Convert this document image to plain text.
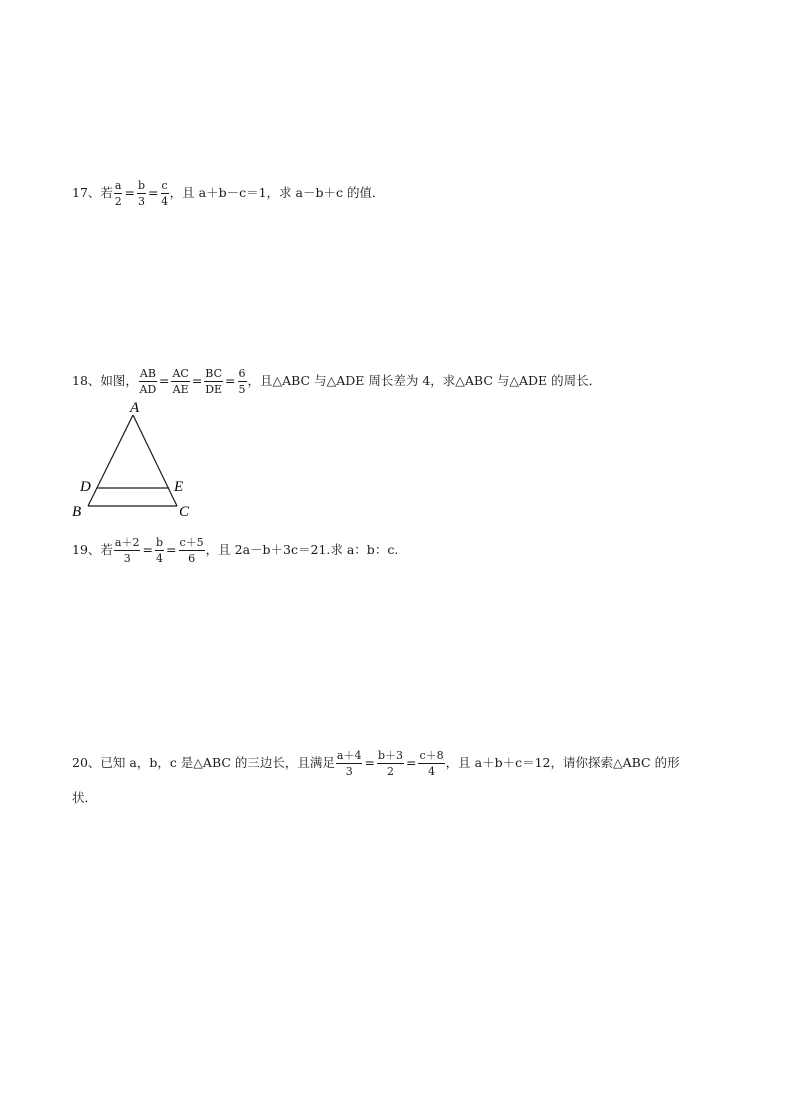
17、 若 $\frac{a}{2} = \frac{b}{3} = \frac{c}{4}$ ，且 a＋b－c＝1，求 a－b＋c 的值．
18、 如图， $\frac{AB}{AD} = \frac{AC}{AE} = \frac{BC}{DE} = \frac{6}{5}$ ，且△ABC 与△ADE 周长差为 4，求△ABC 与△ADE 的周长．
A
D	E
B	C
19、 若 $\frac{a+2}{3} = \frac{b}{4} = \frac{c+5}{6}$ ，且 2a－b＋3c＝21.求 a：b：c.
20、 已知 a，b，c 是△ABC 的三边长，且满足 $\frac{a+4}{3} = \frac{b+3}{2} = \frac{c+8}{4}$ ，且 a＋b＋c＝12，请你探索△ABC 的形
状．
